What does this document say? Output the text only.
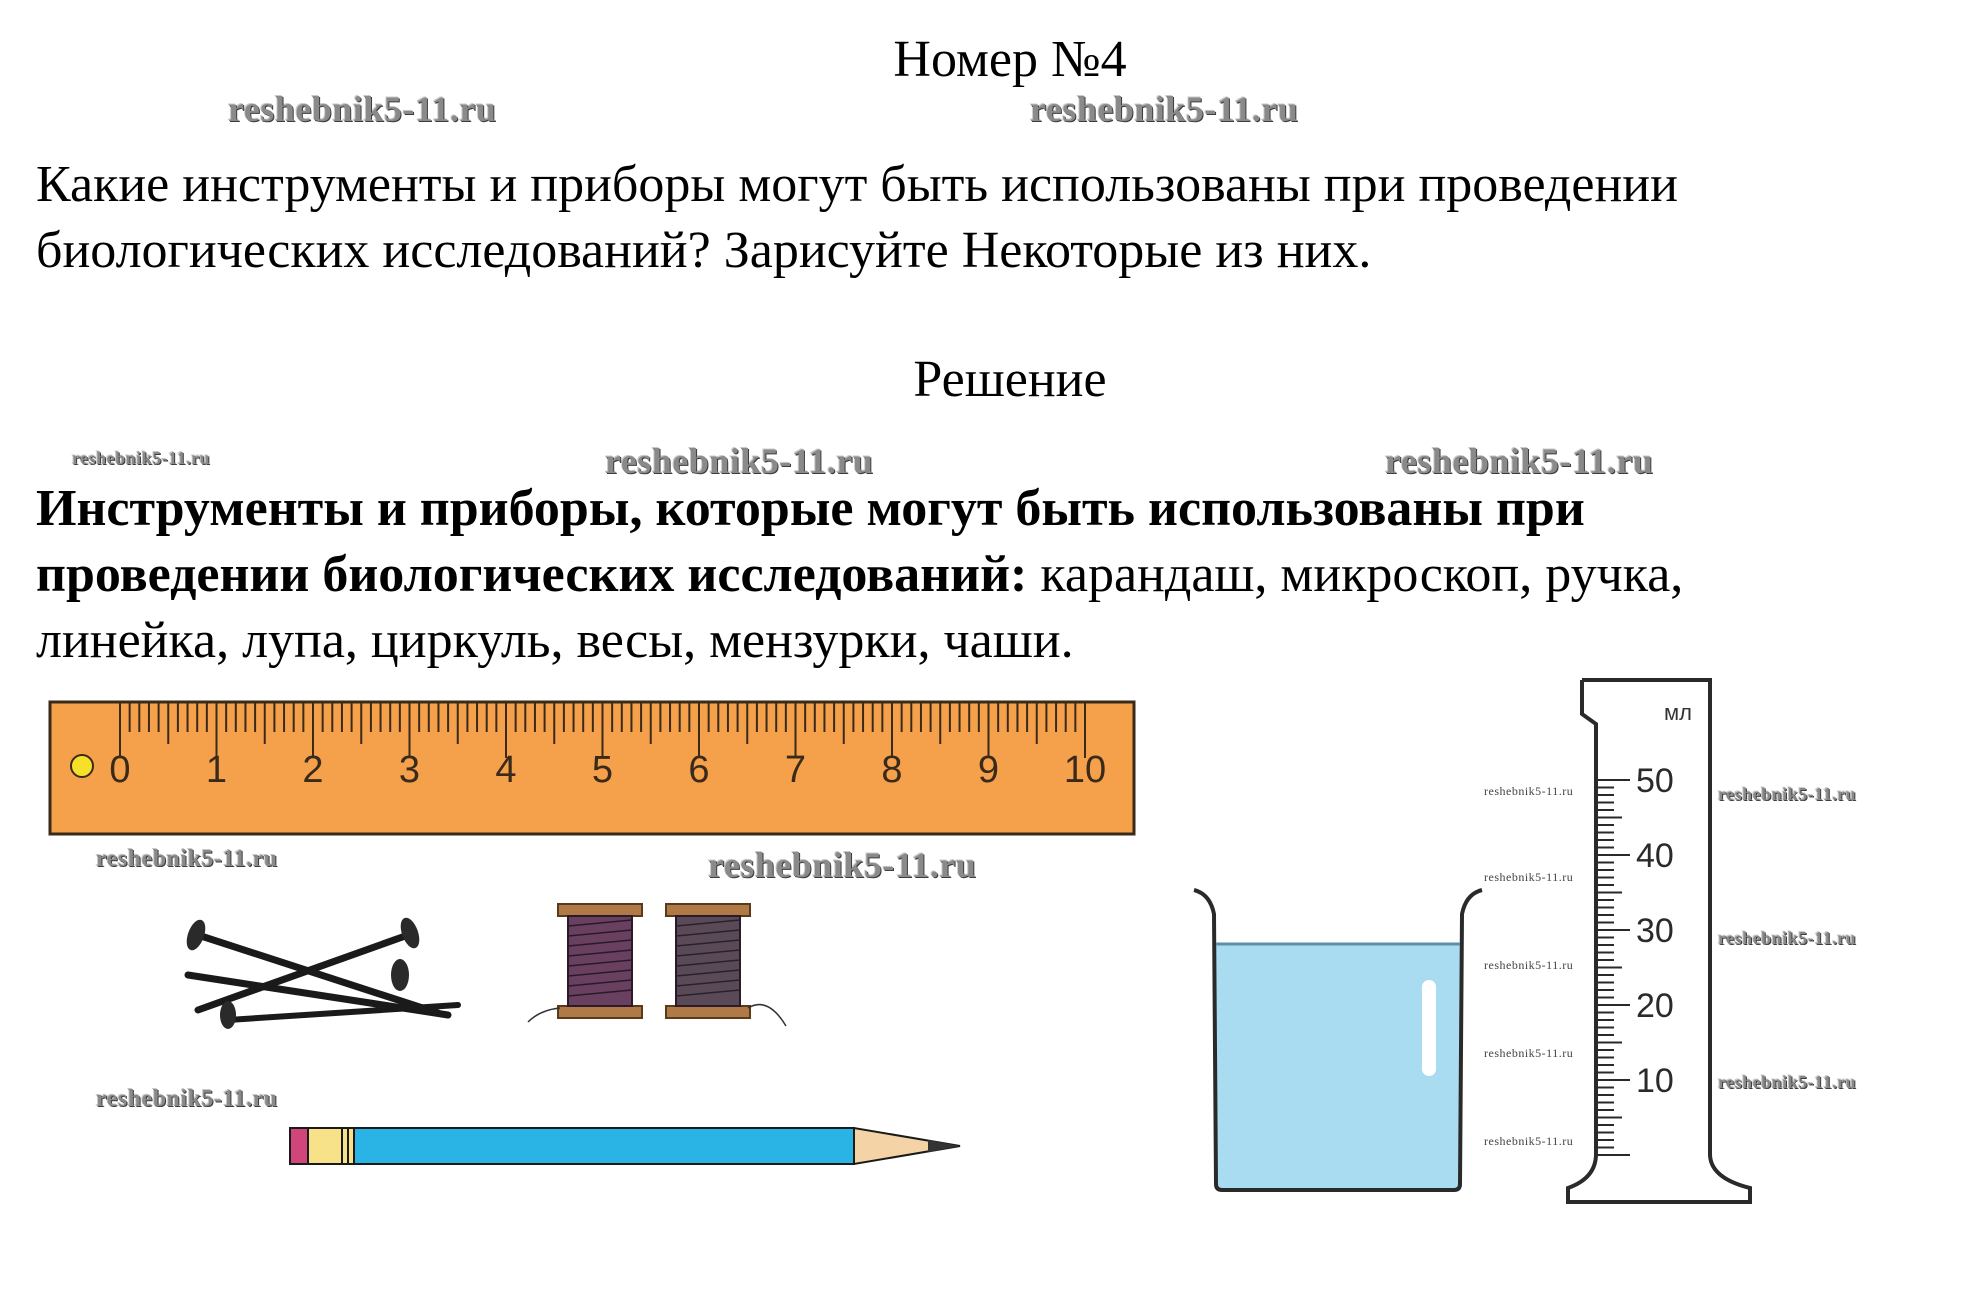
Номер №4
Какие инструменты и приборы могут быть использованы при проведении
биологических исследований? Зарисуйте Некоторые из них.
Решение
Инструменты и приборы, которые могут быть использованы при
проведении биологических исследований: карандаш, микроскоп, ручка,
линейка, лупа, циркуль, весы, мензурки, чаши.
reshebnik5-11.ru	reshebnik5-11.ru
reshebnik5-11.ru	reshebnik5-11.ru	reshebnik5-11.ru
reshebnik5-11.ru	reshebnik5-11.ru
reshebnik5-11.ru
reshebnik5-11.ru
reshebnik5-11.ru
reshebnik5-11.ru
reshebnik5-11.ru
reshebnik5-11.ru
reshebnik5-11.ru
reshebnik5-11.ru
reshebnik5-11.ru
0 1 2 3 4 5 6 7 8 9 10
мл
50
40
30
20
10
